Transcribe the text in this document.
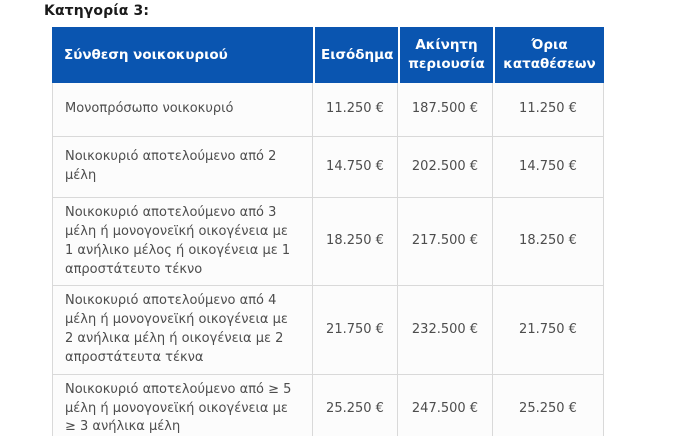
Κατηγορία 3:
Σύνθεση νοικοκυριού	Εισόδημα	Ακίνητη περιουσία	Όρια καταθέσεων
Μονοπρόσωπο νοικοκυριό	11.250 €	187.500 €	11.250 €
Νοικοκυριό αποτελούμενο από 2 μέλη	14.750 €	202.500 €	14.750 €
Νοικοκυριό αποτελούμενο από 3 μέλη ή μονογονεϊκή οικογένεια με 1 ανήλικο μέλος ή οικογένεια με 1 απροστάτευτο τέκνο	18.250 €	217.500 €	18.250 €
Νοικοκυριό αποτελούμενο από 4 μέλη ή μονογονεϊκή οικογένεια με 2 ανήλικα μέλη ή οικογένεια με 2 απροστάτευτα τέκνα	21.750 €	232.500 €	21.750 €
Νοικοκυριό αποτελούμενο από ≥ 5 μέλη ή μονογονεϊκή οικογένεια με ≥ 3 ανήλικα μέλη	25.250 €	247.500 €	25.250 €
